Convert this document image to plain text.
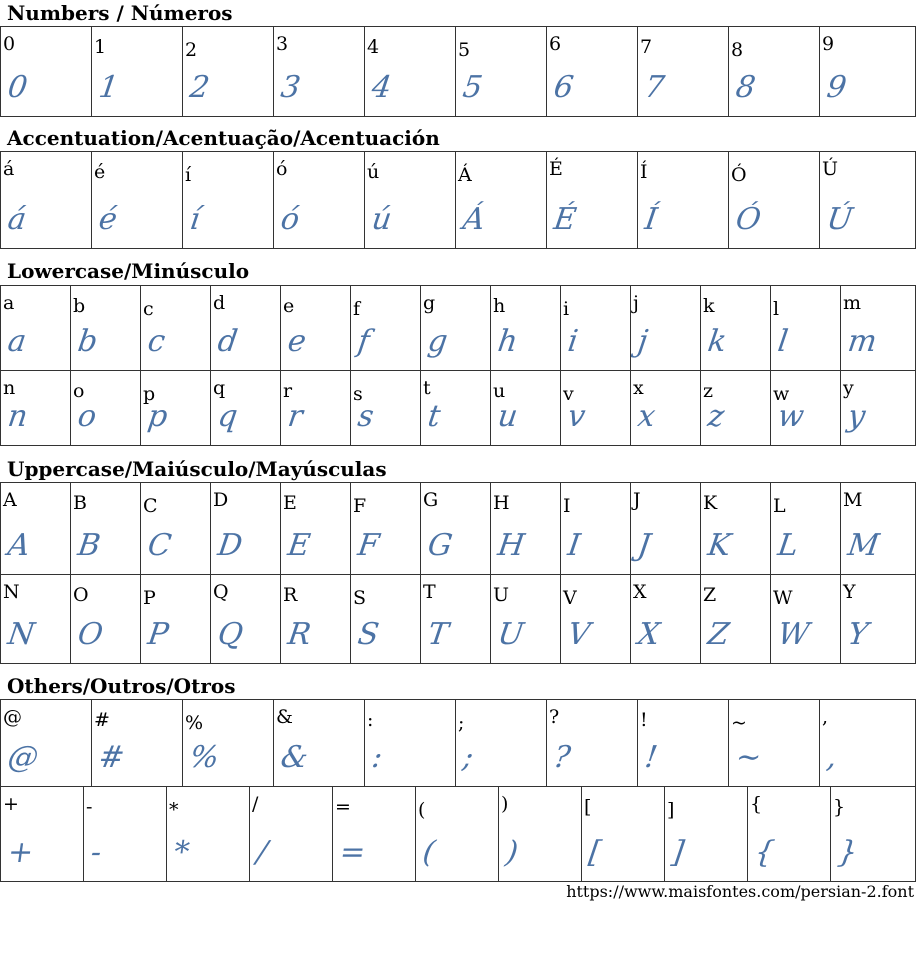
Numbers / Números
0
0
1
1
2
2
3
3
4
4
5
5
6
6
7
7
8
8
9
9
Accentuation/Acentuação/Acentuación
á
á
é
é
í
í
ó
ó
ú
ú
Á
Á
É
É
Í
Í
Ó
Ó
Ú
Ú
Lowercase/Minúsculo
a
a
b
b
c
c
d
d
e
e
f
f
g
g
h
h
i
i
j
j
k
k
l
l
m
m
n
n
o
o
p
p
q
q
r
r
s
s
t
t
u
u
v
v
x
x
z
z
w
w
y
y
Uppercase/Maiúsculo/Mayúsculas
A
A
B
B
C
C
D
D
E
E
F
F
G
G
H
H
I
I
J
J
K
K
L
L
M
M
N
N
O
O
P
P
Q
Q
R
R
S
S
T
T
U
U
V
V
X
X
Z
Z
W
W
Y
Y
Others/Outros/Otros
@
@
#
#
%
%
&
&
:
:
;
;
?
?
!
!
~
~
,
,
+
+
-
-
*
*
/
/
=
=
(
(
)
)
[
[
]
]
{
{
}
}
https://www.maisfontes.com/persian-2.font
